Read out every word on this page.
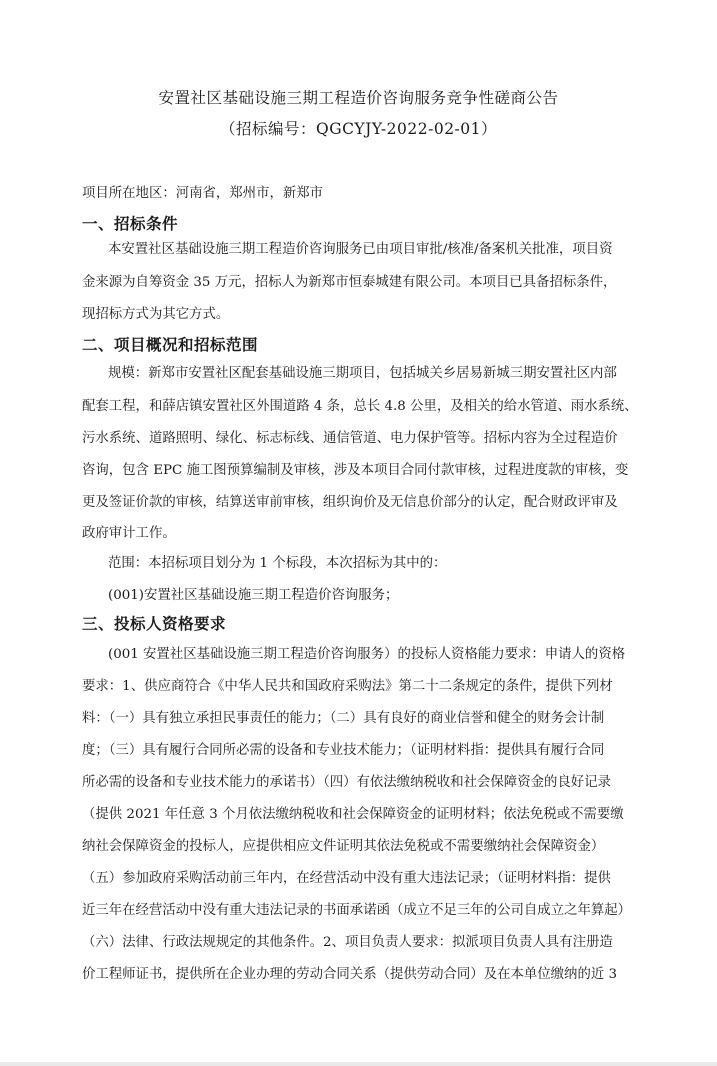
安置社区基础设施三期工程造价咨询服务竞争性磋商公告
（招标编号：QGCYJY-2022-02-01）
项目所在地区：河南省，郑州市，新郑市
一、招标条件
本安置社区基础设施三期工程造价咨询服务已由项目审批/核准/备案机关批准，项目资
金来源为自筹资金 35 万元，招标人为新郑市恒泰城建有限公司。本项目已具备招标条件，
现招标方式为其它方式。
二、项目概况和招标范围
规模：新郑市安置社区配套基础设施三期项目，包括城关乡居易新城三期安置社区内部
配套工程，和薛店镇安置社区外围道路 4 条，总长 4.8 公里，及相关的给水管道、雨水系统、
污水系统、道路照明、绿化、标志标线、通信管道、电力保护管等。招标内容为全过程造价
咨询，包含 EPC 施工图预算编制及审核，涉及本项目合同付款审核，过程进度款的审核，变
更及签证价款的审核，结算送审前审核，组织询价及无信息价部分的认定，配合财政评审及
政府审计工作。
范围：本招标项目划分为 1 个标段，本次招标为其中的：
(001)安置社区基础设施三期工程造价咨询服务；
三、投标人资格要求
(001 安置社区基础设施三期工程造价咨询服务）的投标人资格能力要求：申请人的资格
要求：1、供应商符合《中华人民共和国政府采购法》第二十二条规定的条件，提供下列材
料：（一）具有独立承担民事责任的能力；（二）具有良好的商业信誉和健全的财务会计制
度；（三）具有履行合同所必需的设备和专业技术能力；（证明材料指：提供具有履行合同
所必需的设备和专业技术能力的承诺书）（四）有依法缴纳税收和社会保障资金的良好记录
（提供 2021 年任意 3 个月依法缴纳税收和社会保障资金的证明材料；依法免税或不需要缴
纳社会保障资金的投标人，应提供相应文件证明其依法免税或不需要缴纳社会保障资金）
（五）参加政府采购活动前三年内，在经营活动中没有重大违法记录；（证明材料指：提供
近三年在经营活动中没有重大违法记录的书面承诺函（成立不足三年的公司自成立之年算起）
（六）法律、行政法规规定的其他条件。2、项目负责人要求：拟派项目负责人具有注册造
价工程师证书，提供所在企业办理的劳动合同关系（提供劳动合同）及在本单位缴纳的近 3
